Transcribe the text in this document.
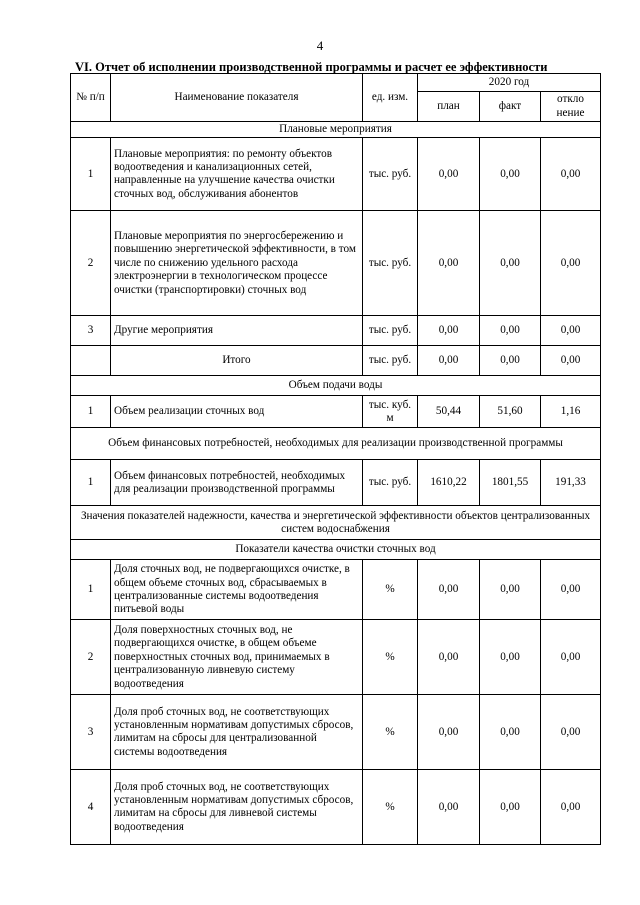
4
VI. Отчет об исполнении производственной программы и расчет ее эффективности
№ п/п	Наименование показателя	ед. изм.	2020 год		
			план	факт	откло нение
Плановые мероприятия					
1	Плановые мероприятия: по ремонту объектов водоотведения и канализационных сетей, направленные на улучшение качества очистки сточных вод, обслуживания абонентов	тыс. руб.	0,00	0,00	0,00
2	Плановые мероприятия по энергосбережению и повышению энергетической эффективности, в том числе по снижению удельного расхода электроэнергии в технологическом процессе очистки (транспортировки) сточных вод	тыс. руб.	0,00	0,00	0,00
3	Другие мероприятия	тыс. руб.	0,00	0,00	0,00
	Итого	тыс. руб.	0,00	0,00	0,00
Объем подачи воды					
1	Объем реализации сточных вод	тыс. куб. м	50,44	51,60	1,16
Объем финансовых потребностей, необходимых для реализации производственной программы					
1	Объем финансовых потребностей, необходимых для реализации производственной программы	тыс. руб.	1610,22	1801,55	191,33
Значения показателей надежности, качества и энергетической эффективности объектов централизованных систем водоснабжения					
Показатели качества очистки сточных вод					
1	Доля сточных вод, не подвергающихся очистке, в общем объеме сточных вод, сбрасываемых в централизованные системы водоотведения питьевой воды	%	0,00	0,00	0,00
2	Доля поверхностных сточных вод, не подвергающихся очистке, в общем объеме поверхностных сточных вод, принимаемых в централизованную ливневую систему водоотведения	%	0,00	0,00	0,00
3	Доля проб сточных вод, не соответствующих установленным нормативам допустимых сбросов, лимитам на сбросы для централизованной системы водоотведения	%	0,00	0,00	0,00
4	Доля проб сточных вод, не соответствующих установленным нормативам допустимых сбросов, лимитам на сбросы для ливневой системы водоотведения	%	0,00	0,00	0,00
